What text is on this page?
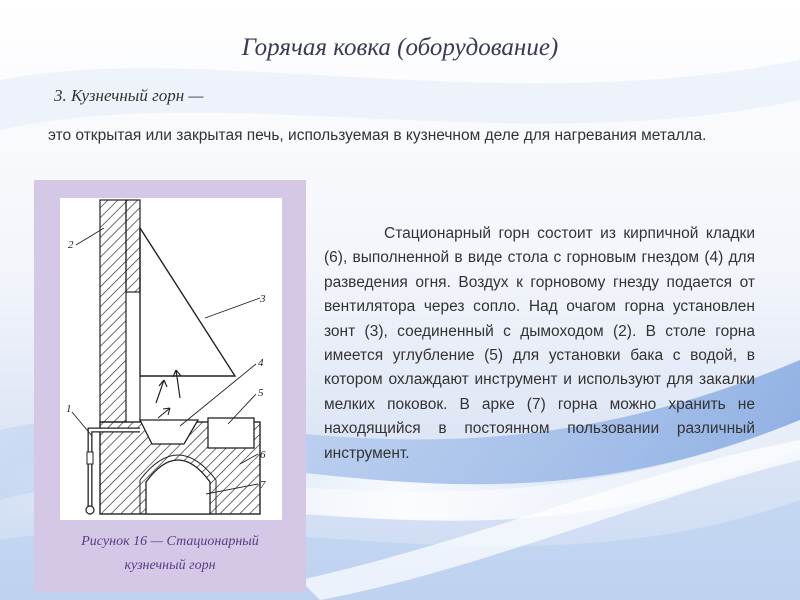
Горячая ковка (оборудование)
3. Кузнечный горн —
это открытая или закрытая печь, используемая в кузнечном деле для нагревания металла.
2
3
4
5
1
6
7
Рисунок 16 — Стационарный
кузнечный горн
Стационарный горн состоит из кирпичной кладки (6), выполненной в виде стола с горновым гнездом (4) для разведения огня. Воздух к горновому гнезду подается от вентилятора через сопло. Над очагом горна установлен зонт (3), соединенный с дымоходом (2). В столе горна имеется углубление (5) для установки бака с водой, в котором охлаждают инструмент и используют для закалки мелких поковок. В арке (7) горна можно хранить не находящийся в постоянном пользовании различный инструмент.
